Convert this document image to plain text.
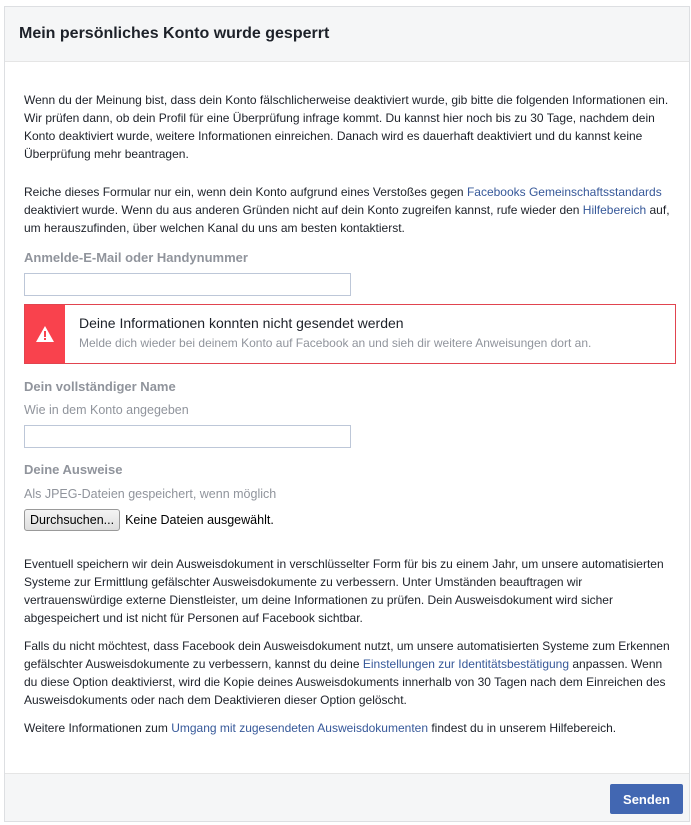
Mein persönliches Konto wurde gesperrt

Wenn du der Meinung bist, dass dein Konto fälschlicherweise deaktiviert wurde, gib bitte die folgenden Informationen ein. Wir prüfen dann, ob dein Profil für eine Überprüfung infrage kommt. Du kannst hier noch bis zu 30 Tage, nachdem dein Konto deaktiviert wurde, weitere Informationen einreichen. Danach wird es dauerhaft deaktiviert und du kannst keine Überprüfung mehr beantragen.

Reiche dieses Formular nur ein, wenn dein Konto aufgrund eines Verstoßes gegen Facebooks Gemeinschaftsstandards deaktiviert wurde. Wenn du aus anderen Gründen nicht auf dein Konto zugreifen kannst, rufe wieder den Hilfebereich auf, um herauszufinden, über welchen Kanal du uns am besten kontaktierst.

Anmelde-E-Mail oder Handynummer
Deine Informationen konnten nicht gesendet werden
Melde dich wieder bei deinem Konto auf Facebook an und sieh dir weitere Anweisungen dort an.
Dein vollständiger Name
Wie in dem Konto angegeben
Deine Ausweise
Als JPEG-Dateien gespeichert, wenn möglich
Durchsuchen... Keine Dateien ausgewählt.

Eventuell speichern wir dein Ausweisdokument in verschlüsselter Form für bis zu einem Jahr, um unsere automatisierten Systeme zur Ermittlung gefälschter Ausweisdokumente zu verbessern. Unter Umständen beauftragen wir vertrauenswürdige externe Dienstleister, um deine Informationen zu prüfen. Dein Ausweisdokument wird sicher abgespeichert und ist nicht für Personen auf Facebook sichtbar.

Falls du nicht möchtest, dass Facebook dein Ausweisdokument nutzt, um unsere automatisierten Systeme zum Erkennen gefälschter Ausweisdokumente zu verbessern, kannst du deine Einstellungen zur Identitätsbestätigung anpassen. Wenn du diese Option deaktivierst, wird die Kopie deines Ausweisdokuments innerhalb von 30 Tagen nach dem Einreichen des Ausweisdokuments oder nach dem Deaktivieren dieser Option gelöscht.

Weitere Informationen zum Umgang mit zugesendeten Ausweisdokumenten findest du in unserem Hilfebereich.

Senden
